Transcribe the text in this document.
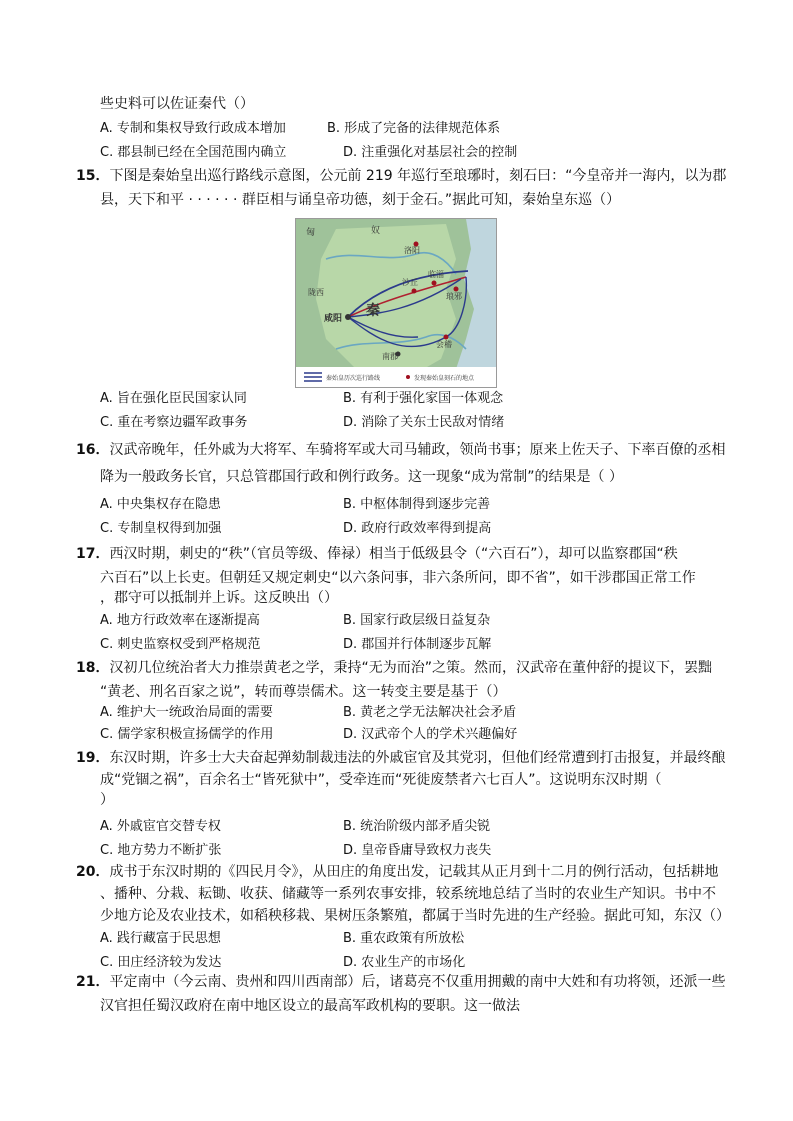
些史料可以佐证秦代（）
A. 专制和集权导致行政成本增加	B. 形成了完备的法律规范体系
C. 郡县制已经在全国范围内确立	D. 注重强化对基层社会的控制
15．下图是秦始皇出巡行路线示意图，公元前 219 年巡行至琅琊时，刻石曰：“今皇帝并一海内，以为郡
县，天下和平 · · · · · · 群臣相与诵皇帝功德，刻于金石。”据此可知，秦始皇东巡（）
匈	奴
洛阳
陇西
咸阳 秦
临淄
琅邪
沙丘
会稽
南郡
秦始皇历次巡行路线	发现秦始皇刻石的地点
A. 旨在强化臣民国家认同	B. 有利于强化家国一体观念
C. 重在考察边疆军政事务	D. 消除了关东士民敌对情绪
16．汉武帝晚年，任外戚为大将军、车骑将军或大司马辅政，领尚书事；原来上佐天子、下率百僚的丞相
降为一般政务长官，只总管郡国行政和例行政务。这一现象“成为常制”的结果是（ ）
A. 中央集权存在隐患	B. 中枢体制得到逐步完善
C. 专制皇权得到加强	D. 政府行政效率得到提高
17．西汉时期，刺史的“秩”（官员等级、俸禄）相当于低级县令（“六百石”），却可以监察郡国“秩
六百石”以上长吏。但朝廷又规定刺史“以六条问事，非六条所问，即不省”，如干涉郡国正常工作
，郡守可以抵制并上诉。这反映出（）
A. 地方行政效率在逐渐提高	B. 国家行政层级日益复杂
C. 刺史监察权受到严格规范	D. 郡国并行体制逐步瓦解
18．汉初几位统治者大力推崇黄老之学，秉持“无为而治”之策。然而，汉武帝在董仲舒的提议下，罢黜
“黄老、刑名百家之说”，转而尊崇儒术。这一转变主要是基于（）
A. 维护大一统政治局面的需要	B. 黄老之学无法解决社会矛盾
C. 儒学家积极宣扬儒学的作用	D. 汉武帝个人的学术兴趣偏好
19．东汉时期，许多士大夫奋起弹劾制裁违法的外戚宦官及其党羽，但他们经常遭到打击报复，并最终酿
成“党锢之祸”，百余名士“皆死狱中”，受牵连而“死徙废禁者六七百人”。这说明东汉时期（
）
A. 外戚宦官交替专权	B. 统治阶级内部矛盾尖锐
C. 地方势力不断扩张	D. 皇帝昏庸导致权力丧失
20．成书于东汉时期的《四民月令》，从田庄的角度出发，记载其从正月到十二月的例行活动，包括耕地
、播种、分栽、耘锄、收获、储藏等一系列农事安排，较系统地总结了当时的农业生产知识。书中不
少地方论及农业技术，如稻秧移栽、果树压条繁殖，都属于当时先进的生产经验。据此可知，东汉（）
A. 践行藏富于民思想	B. 重农政策有所放松
C. 田庄经济较为发达	D. 农业生产的市场化
21．平定南中（今云南、贵州和四川西南部）后，诸葛亮不仅重用拥戴的南中大姓和有功将领，还派一些
汉官担任蜀汉政府在南中地区设立的最高军政机构的要职。这一做法
